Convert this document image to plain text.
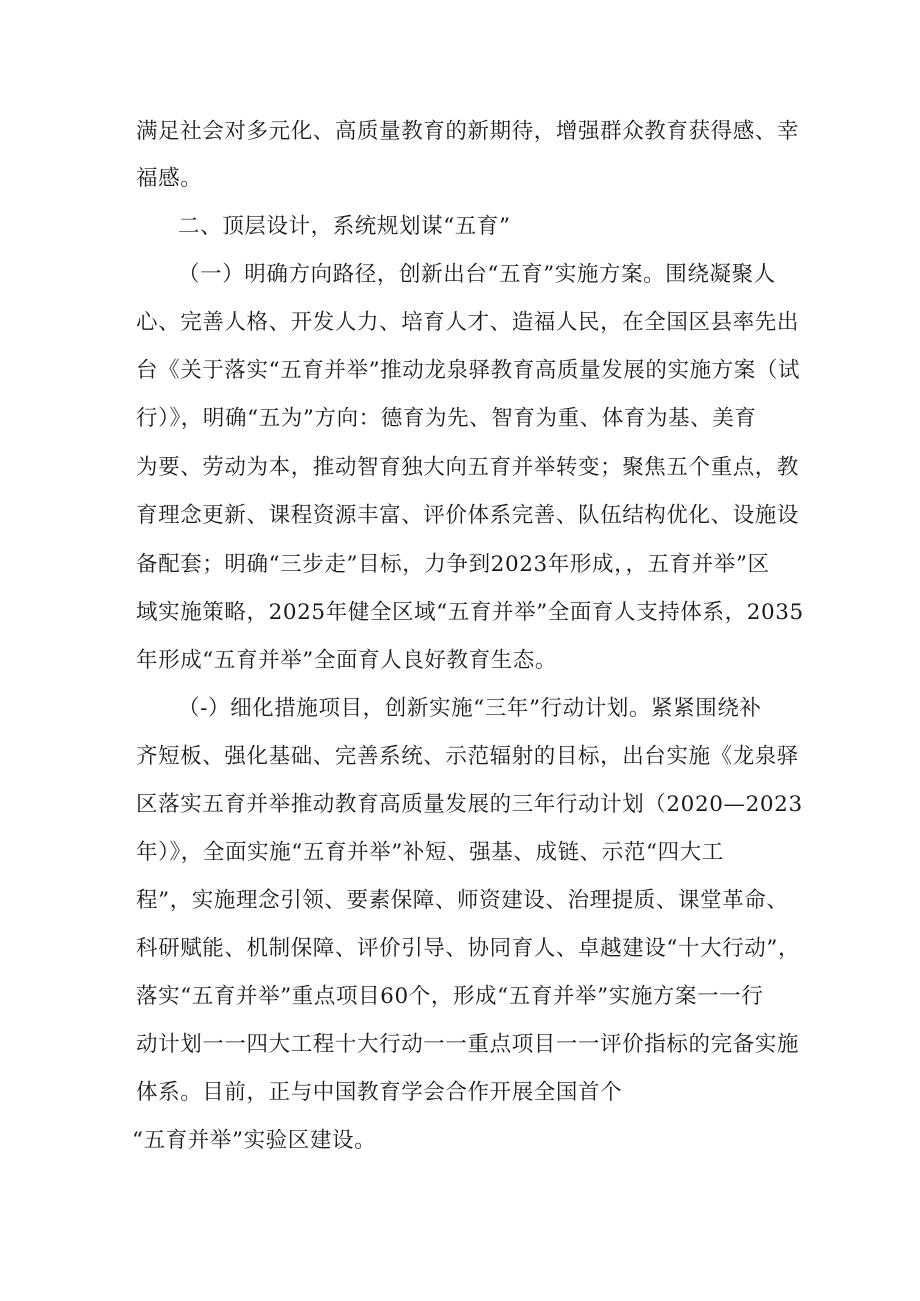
满足社会对多元化、高质量教育的新期待，增强群众教育获得感、幸
福感。
二、顶层设计，系统规划谋“五育”
（一）明确方向路径，创新出台“五育”实施方案。围绕凝聚人
心、完善人格、开发人力、培育人才、造福人民，在全国区县率先出
台《关于落实“五育并举”推动龙泉驿教育高质量发展的实施方案（试
行）》，明确“五为”方向：德育为先、智育为重、体育为基、美育
为要、劳动为本，推动智育独大向五育并举转变；聚焦五个重点，教
育理念更新、课程资源丰富、评价体系完善、队伍结构优化、设施设
备配套；明确“三步走”目标，力争到2023年形成，，五育并举”区
域实施策略，2025年健全区域“五育并举”全面育人支持体系，2035
年形成“五育并举”全面育人良好教育生态。
（-）细化措施项目，创新实施“三年”行动计划。紧紧围绕补
齐短板、强化基础、完善系统、示范辐射的目标，出台实施《龙泉驿
区落实五育并举推动教育高质量发展的三年行动计划（2020—2023
年）》，全面实施“五育并举”补短、强基、成链、示范“四大工
程”，实施理念引领、要素保障、师资建设、治理提质、课堂革命、
科研赋能、机制保障、评价引导、协同育人、卓越建设“十大行动”，
落实“五育并举”重点项目60个，形成“五育并举”实施方案一一行
动计划一一四大工程十大行动一一重点项目一一评价指标的完备实施
体系。目前，正与中国教育学会合作开展全国首个
“五育并举”实验区建设。
